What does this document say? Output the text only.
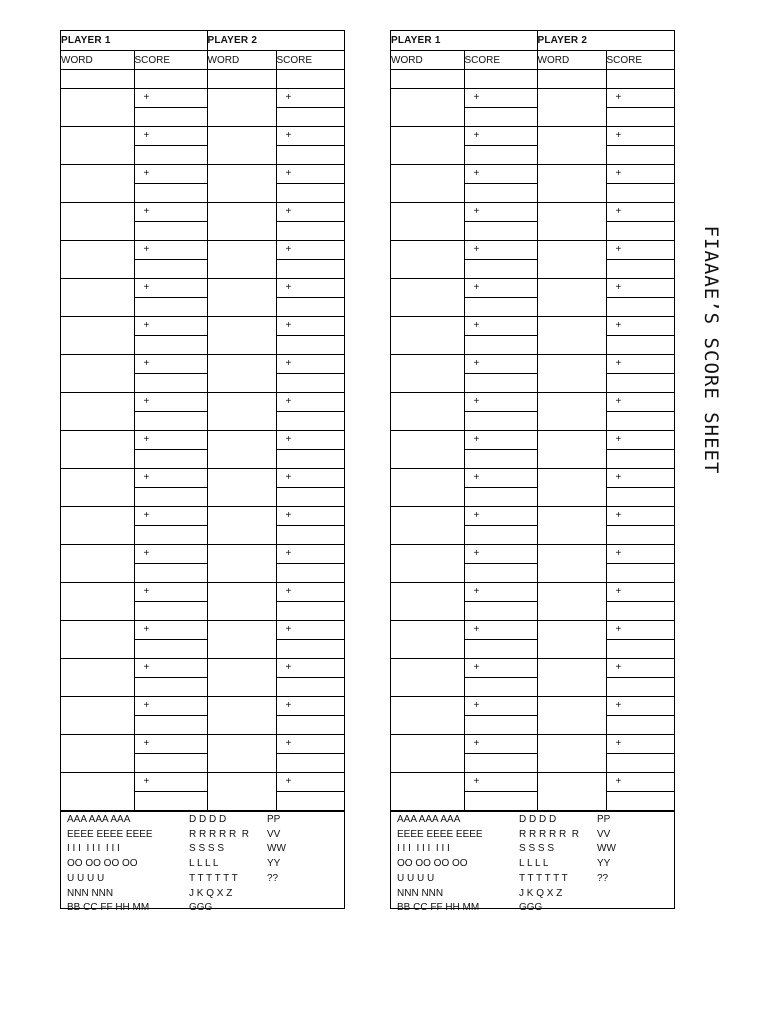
PLAYER 1		PLAYER 2	
WORD	SCORE	WORD	SCORE

	+		+

	+		+

	+		+

	+		+

	+		+

	+		+

	+		+

	+		+

	+		+

	+		+

	+		+

	+		+

	+		+

	+		+

	+		+

	+		+

	+		+

	+		+

	+		+

AAA AAA AAA	D D D D	PP
EEEE EEEE EEEE	R R R R R  R VV
I I I  I I I  I I I	S S S S	WW
OO OO OO OO	L L L L	YY
U U U U	T T T T T T	??
NNN NNN	J K Q X Z
BB CC FF HH MM	GGG
PLAYER 1		PLAYER 2	
WORD	SCORE	WORD	SCORE

	+		+

	+		+

	+		+

	+		+

	+		+

	+		+

	+		+

	+		+

	+		+

	+		+

	+		+

	+		+

	+		+

	+		+

	+		+

	+		+

	+		+

	+		+

	+		+

AAA AAA AAA	D D D D	PP
EEEE EEEE EEEE	R R R R R  R VV
I I I  I I I  I I I	S S S S	WW
OO OO OO OO	L L L L	YY
U U U U	T T T T T T	??
NNN NNN	J K Q X Z
BB CC FF HH MM	GGG
FIAAAE’S SCORE SHEET
